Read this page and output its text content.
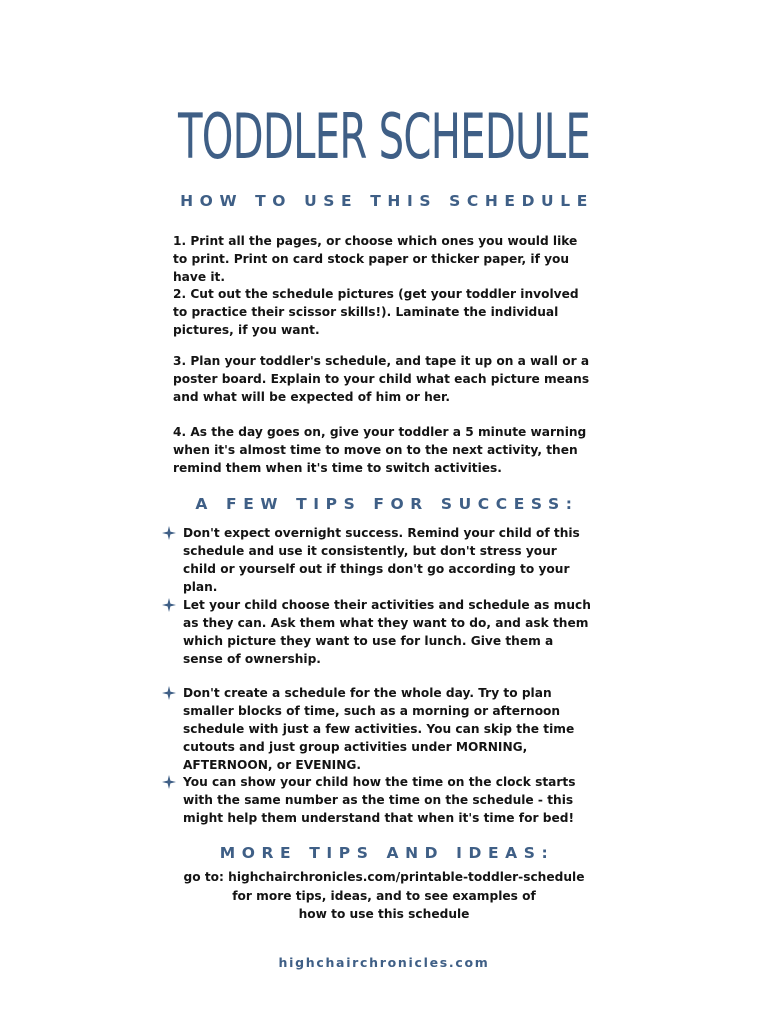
TODDLER SCHEDULE
HOW TO USE THIS SCHEDULE
1. Print all the pages, or choose which ones you would like to print. Print on card stock paper or thicker paper, if you have it.
2. Cut out the schedule pictures (get your toddler involved to practice their scissor skills!). Laminate the individual pictures, if you want.
3. Plan your toddler's schedule, and tape it up on a wall or a poster board. Explain to your child what each picture means and what will be expected of him or her.
4. As the day goes on, give your toddler a 5 minute warning when it's almost time to move on to the next activity, then remind them when it's time to switch activities.
A FEW TIPS FOR SUCCESS:
Don't expect overnight success. Remind your child of this schedule and use it consistently, but don't stress your child or yourself out if things don't go according to your plan.
Let your child choose their activities and schedule as much as they can. Ask them what they want to do, and ask them which picture they want to use for lunch. Give them a sense of ownership.
Don't create a schedule for the whole day. Try to plan smaller blocks of time, such as a morning or afternoon schedule with just a few activities. You can skip the time cutouts and just group activities under MORNING, AFTERNOON, or EVENING.
You can show your child how the time on the clock starts with the same number as the time on the schedule - this might help them understand that when it's time for bed!
MORE TIPS AND IDEAS:
go to: highchairchronicles.com/printable-toddler-schedule
for more tips, ideas, and to see examples of
how to use this schedule
highchairchronicles.com
